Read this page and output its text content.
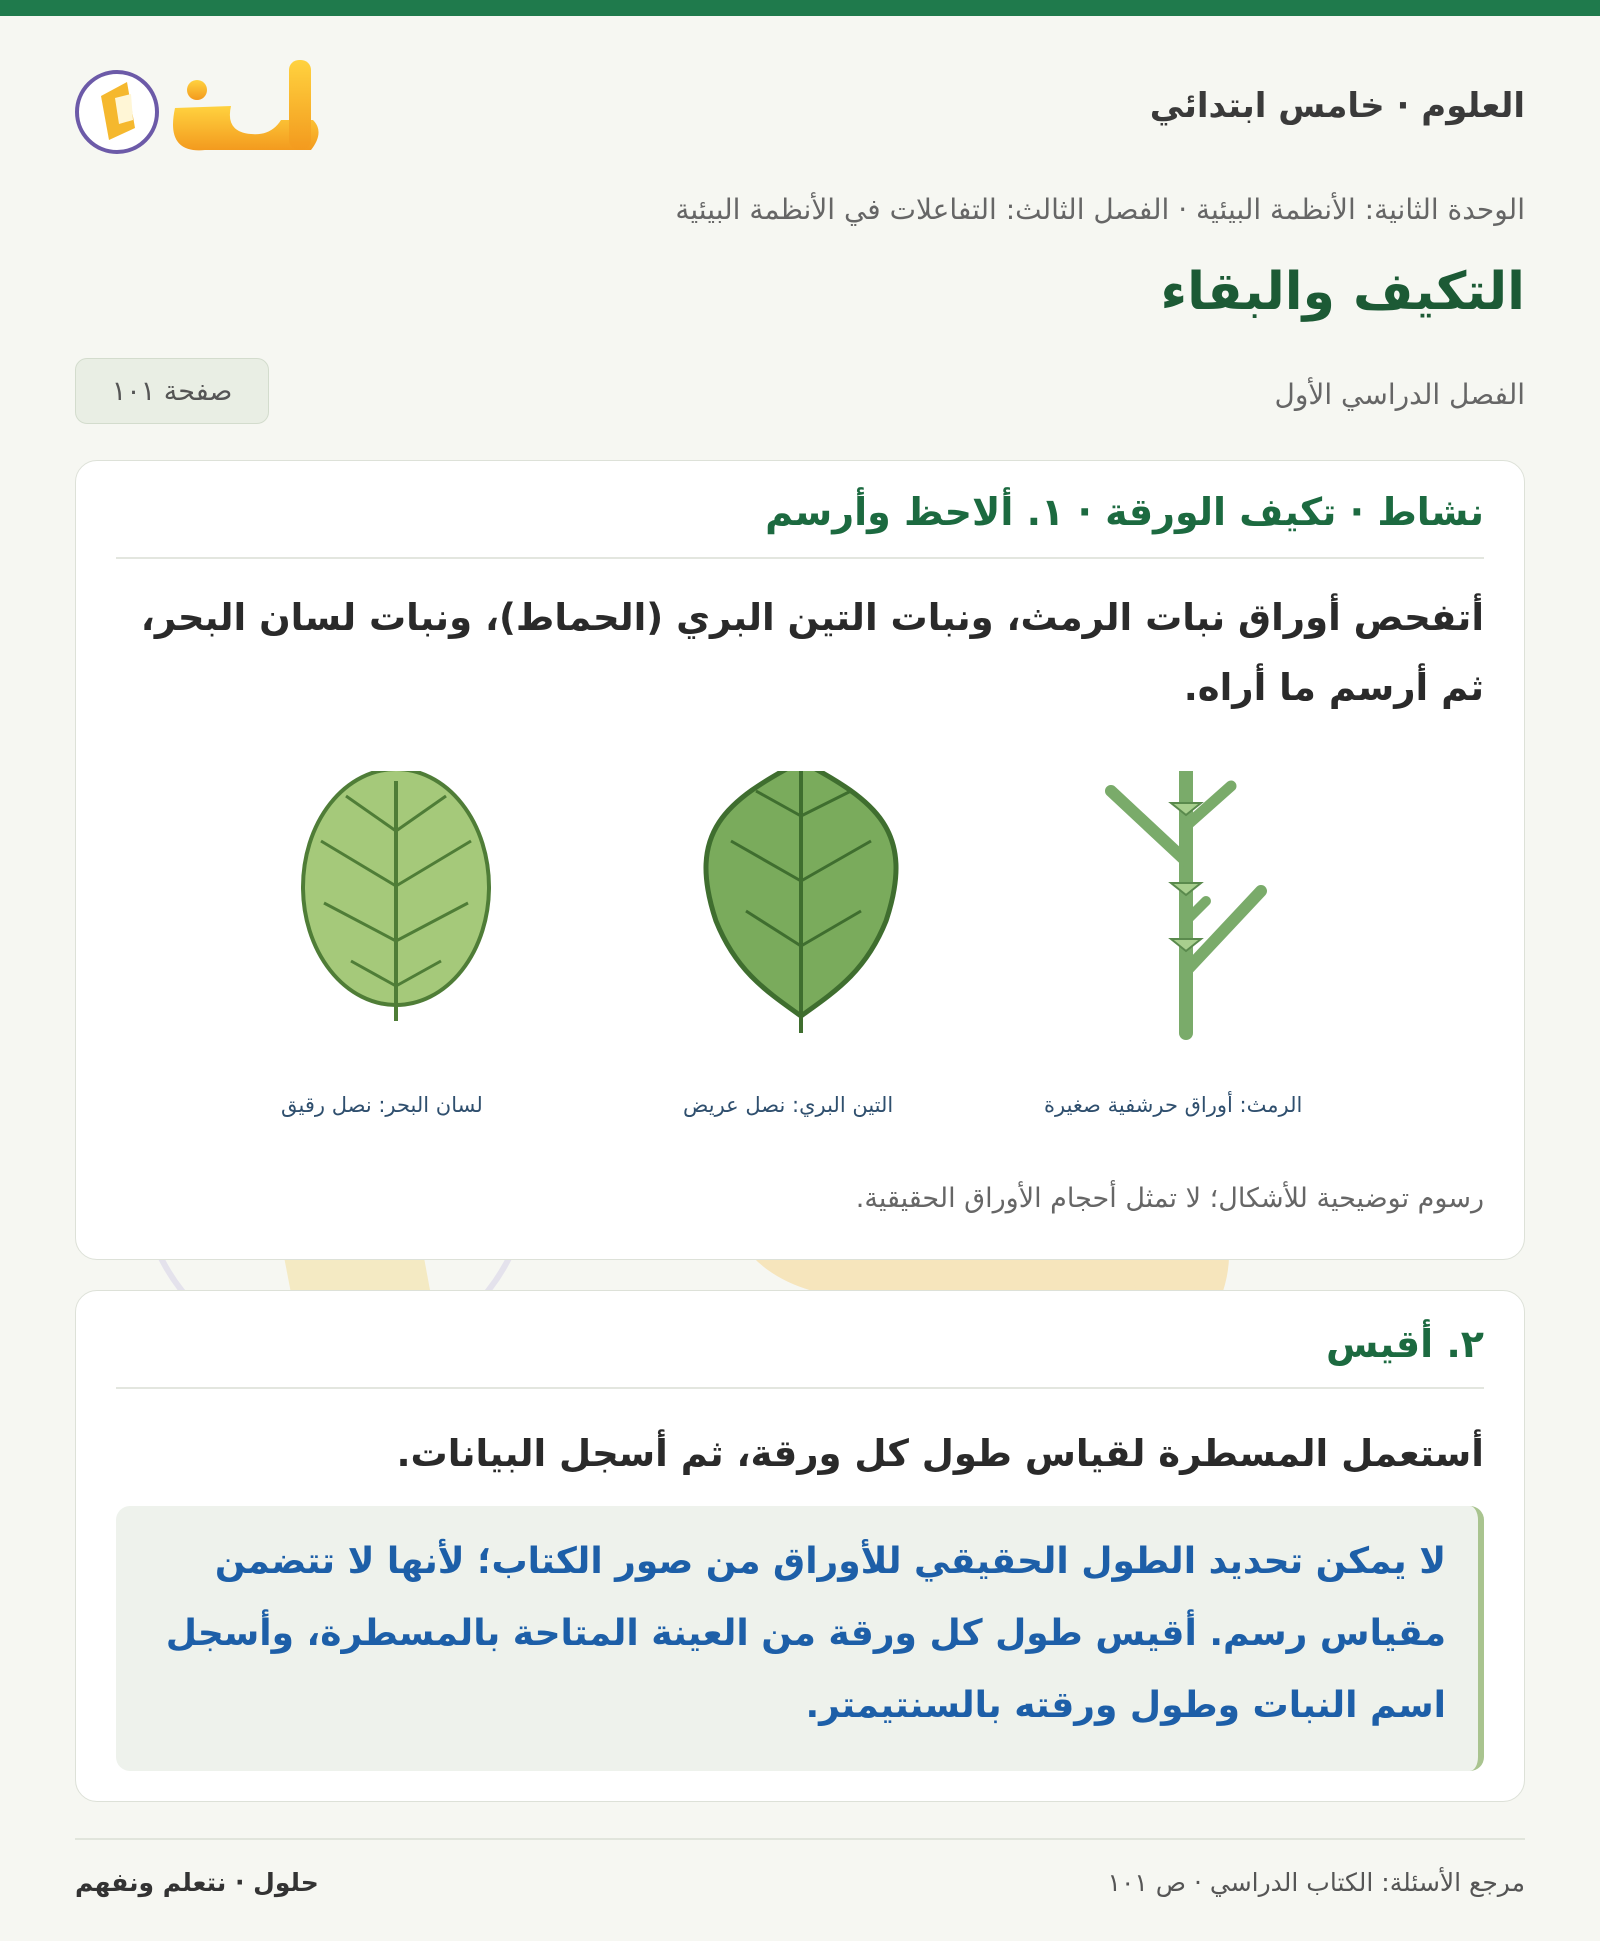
العلوم · خامس ابتدائي
الوحدة الثانية: الأنظمة البيئية · الفصل الثالث: التفاعلات في الأنظمة البيئية
التكيف والبقاء
الفصل الدراسي الأول
صفحة ١٠١
نشاط · تكيف الورقة · ١. ألاحظ وأرسم

أتفحص أوراق نبات الرمث، ونبات التين البري (الحماط)، ونبات لسان البحر، ثم أرسم ما أراه.

لسان البحر: نصل رقيق	التين البري: نصل عريض	الرمث: أوراق حرشفية صغيرة
رسوم توضيحية للأشكال؛ لا تمثل أحجام الأوراق الحقيقية.
٢. أقيس

أستعمل المسطرة لقياس طول كل ورقة، ثم أسجل البيانات.

لا يمكن تحديد الطول الحقيقي للأوراق من صور الكتاب؛ لأنها لا تتضمن مقياس رسم. أقيس طول كل ورقة من العينة المتاحة بالمسطرة، وأسجل اسم النبات وطول ورقته بالسنتيمتر.
مرجع الأسئلة: الكتاب الدراسي · ص ١٠١
حلول · نتعلم ونفهم
